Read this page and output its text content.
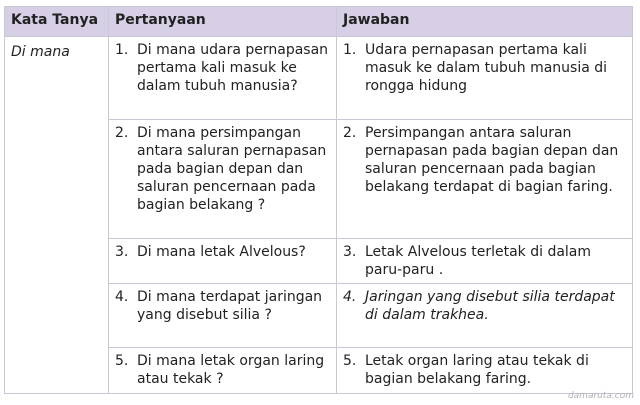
Kata Tanya	Pertanyaan	Jawaban
Di mana	1. Di mana udara pernapasan pertama kali masuk ke dalam tubuh manusia?	1. Udara pernapasan pertama kali masuk ke dalam tubuh manusia di rongga hidung

	2. Di mana persimpangan antara saluran pernapasan pada bagian depan dan saluran pencernaan pada bagian belakang ?	2. Persimpangan antara saluran pernapasan pada bagian depan dan saluran pencernaan pada bagian belakang terdapat di bagian faring.

	3. Di mana letak Alvelous?	3. Letak Alvelous terletak di dalam paru-paru .

	4. Di mana terdapat jaringan yang disebut silia ?	4. Jaringan yang disebut silia terdapat di dalam trakhea.

	5. Di mana letak organ laring atau tekak ?	5. Letak organ laring atau tekak di bagian belakang faring.
damaruta.com
